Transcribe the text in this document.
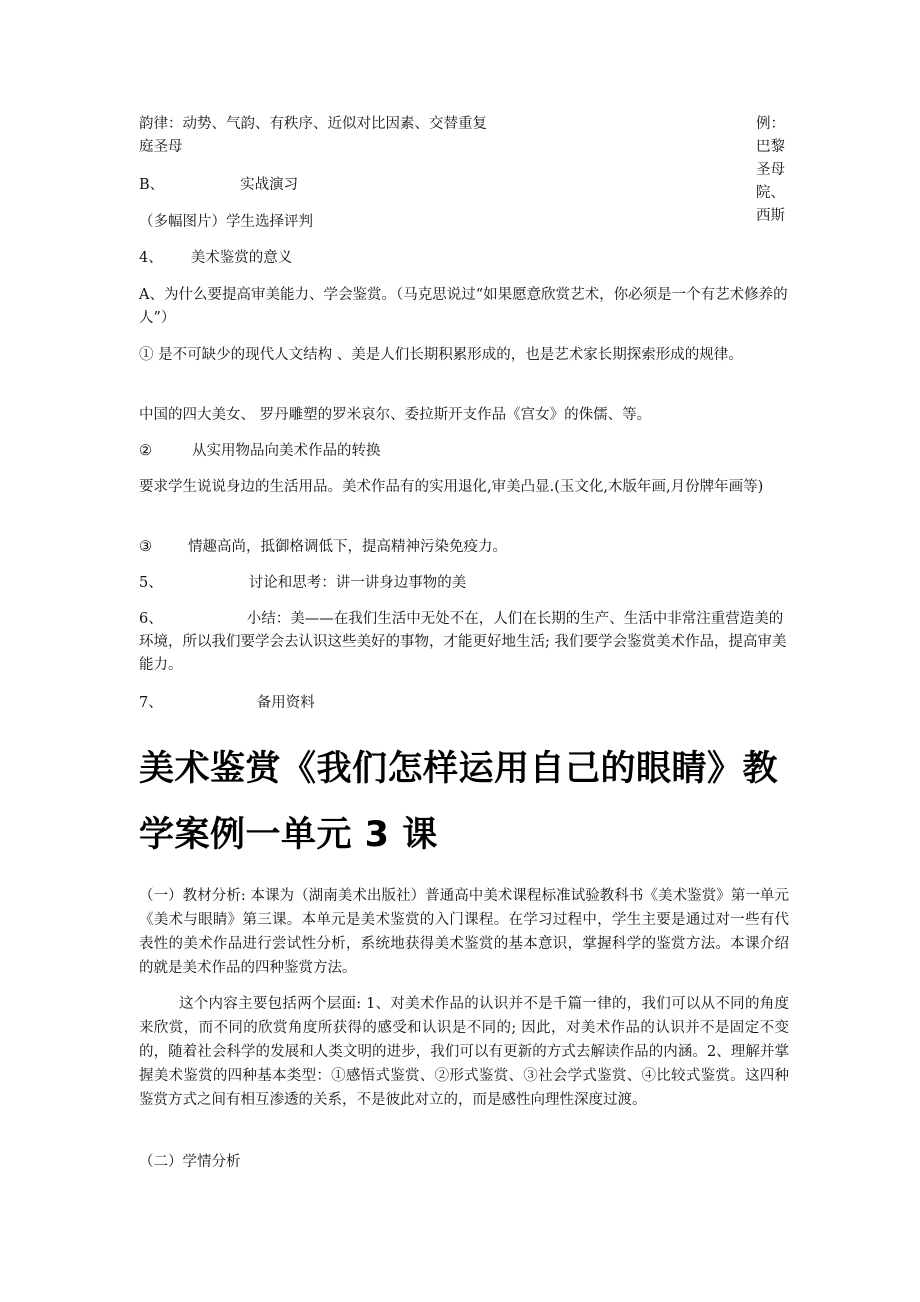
韵律：动势、气韵、有秩序、近似对比因素、交替重复	例：巴黎圣母院、西斯

庭圣母

B、	实战演习

（多幅图片）学生选择评判

4、 美术鉴赏的意义

A、为什么要提高审美能力、学会鉴赏。（马克思说过“如果愿意欣赏艺术，你必须是一个有艺术修养的人”）

① 是不可缺少的现代人文结构 、美是人们长期积累形成的，也是艺术家长期探索形成的规律。

中国的四大美女、 罗丹雕塑的罗米哀尔、委拉斯开支作品《宫女》的侏儒、等。

②	从实用物品向美术作品的转换

要求学生说说身边的生活用品。美术作品有的实用退化,审美凸显.(玉文化,木版年画,月份牌年画等)

③ 情趣高尚，抵御格调低下，提高精神污染免疫力。

5、	讨论和思考：讲一讲身边事物的美

6、	小结：美——在我们生活中无处不在，人们在长期的生产、生活中非常注重营造美的环境，所以我们要学会去认识这些美好的事物，才能更好地生活; 我们要学会鉴赏美术作品，提高审美能力。

7、	备用资料

美术鉴赏《我们怎样运用自己的眼睛》教学案例一单元 3 课

（一）教材分析: 本课为（湖南美术出版社）普通高中美术课程标准试验教科书《美术鉴赏》第一单元《美术与眼睛》第三课。本单元是美术鉴赏的入门课程。在学习过程中，学生主要是通过对一些有代表性的美术作品进行尝试性分析，系统地获得美术鉴赏的基本意识，掌握科学的鉴赏方法。本课介绍的就是美术作品的四种鉴赏方法。

这个内容主要包括两个层面: 1、对美术作品的认识并不是千篇一律的，我们可以从不同的角度来欣赏，而不同的欣赏角度所获得的感受和认识是不同的; 因此，对美术作品的认识并不是固定不变的，随着社会科学的发展和人类文明的进步，我们可以有更新的方式去解读作品的内涵。2、理解并掌握美术鉴赏的四种基本类型：①感悟式鉴赏、②形式鉴赏、③社会学式鉴赏、④比较式鉴赏。这四种鉴赏方式之间有相互渗透的关系，不是彼此对立的，而是感性向理性深度过渡。

（二）学情分析
